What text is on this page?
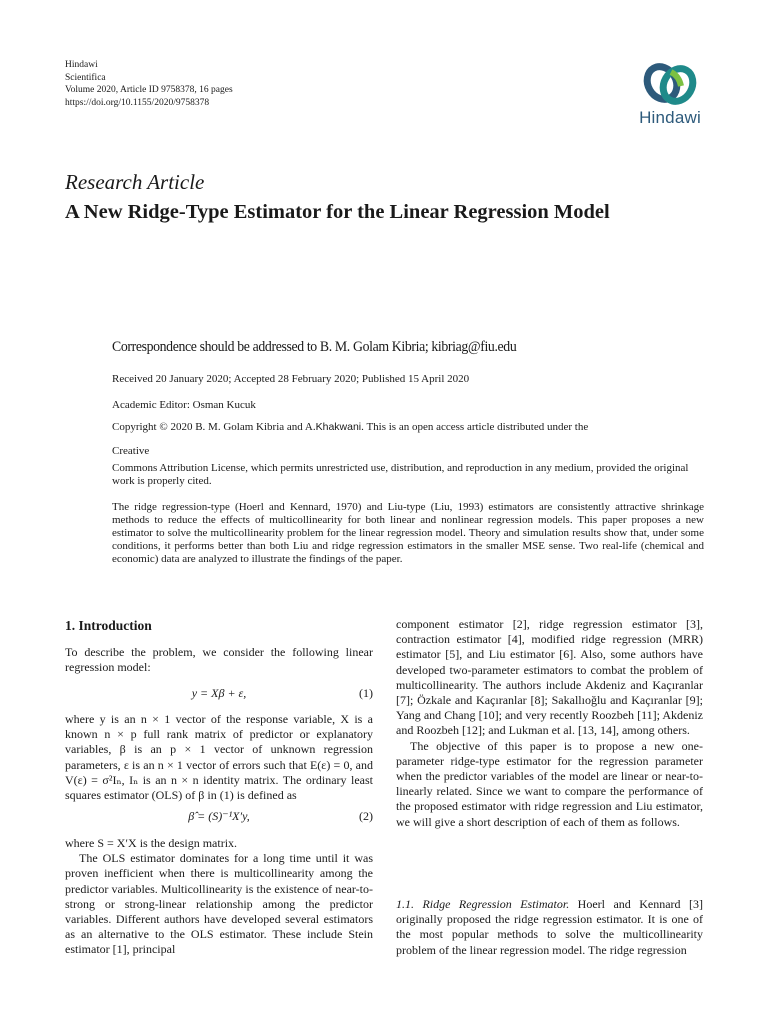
Hindawi
Scientifica
Volume 2020, Article ID 9758378, 16 pages
https://doi.org/10.1155/2020/9758378
Hindawi
Research Article
A New Ridge-Type Estimator for the Linear Regression Model
Correspondence should be addressed to B. M. Golam Kibria; kibriag@fiu.edu
Received 20 January 2020; Accepted 28 February 2020; Published 15 April 2020
Academic Editor: Osman Kucuk
Copyright © 2020 B. M. Golam Kibria and A.Khakwani. This is an open access article distributed under the
Creative
Commons Attribution License, which permits unrestricted use, distribution, and reproduction in any medium, provided the original work is properly cited.
The ridge regression-type (Hoerl and Kennard, 1970) and Liu-type (Liu, 1993) estimators are consistently attractive shrinkage methods to reduce the effects of multicollinearity for both linear and nonlinear regression models. This paper proposes a new estimator to solve the multicollinearity problem for the linear regression model. Theory and simulation results show that, under some conditions, it performs better than both Liu and ridge regression estimators in the smaller MSE sense. Two real-life (chemical and economic) data are analyzed to illustrate the findings of the paper.
1. Introduction

To describe the problem, we consider the following linear regression model:

y = Xβ + ε,	(1)

where y is an n × 1 vector of the response variable, X is a known n × p full rank matrix of predictor or explanatory variables, β is an p × 1 vector of unknown regression parameters, ε is an n × 1 vector of errors such that E(ε) = 0, and V(ε) = σ²Iₙ, Iₙ is an n × n identity matrix. The ordinary least squares estimator (OLS) of β in (1) is defined as

β̂ = (S)⁻¹X′y,	(2)

where S = X′X is the design matrix.

The OLS estimator dominates for a long time until it was proven inefficient when there is multicollinearity among the predictor variables. Multicollinearity is the existence of near-to-strong or strong-linear relationship among the predictor variables. Different authors have developed several estimators as an alternative to the OLS estimator. These include Stein estimator [1], principal

component estimator [2], ridge regression estimator [3], contraction estimator [4], modified ridge regression (MRR) estimator [5], and Liu estimator [6]. Also, some authors have developed two-parameter estimators to combat the problem of multicollinearity. The authors include Akdeniz and Kaçıranlar [7]; Özkale and Kaçıranlar [8]; Sakallıoğlu and Kaçıranlar [9]; Yang and Chang [10]; and very recently Roozbeh [11]; Akdeniz and Roozbeh [12]; and Lukman et al. [13, 14], among others.

The objective of this paper is to propose a new one-parameter ridge-type estimator for the regression parameter when the predictor variables of the model are linear or near-to-linearly related. Since we want to compare the performance of the proposed estimator with ridge regression and Liu estimator, we will give a short description of each of them as follows.

1.1. Ridge Regression Estimator. Hoerl and Kennard [3] originally proposed the ridge regression estimator. It is one of the most popular methods to solve the multicollinearity problem of the linear regression model. The ridge regression
